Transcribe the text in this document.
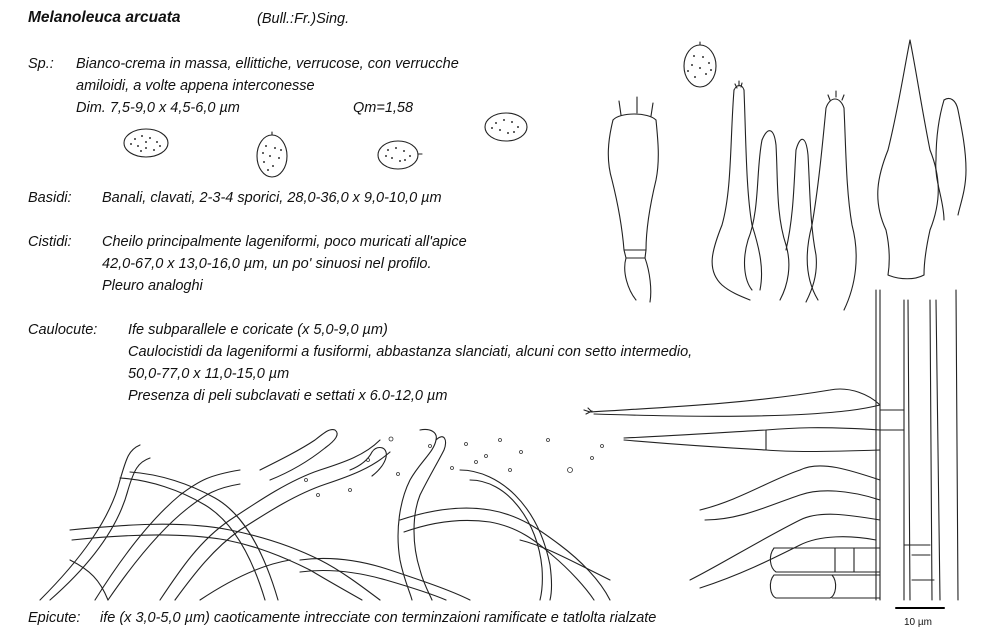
Melanoleuca arcuata	(Bull.:Fr.)Sing.
Sp.: Bianco-crema in massa, ellittiche, verrucose, con verrucche
amiloidi, a volte appena interconesse
Dim. 7,5-9,0 x 4,5-6,0 µm	Qm=1,58
Basidi: Banali, clavati, 2-3-4 sporici, 28,0-36,0 x 9,0-10,0 µm
Cistidi: Cheilo principalmente lageniformi, poco muricati all'apice
42,0-67,0 x 13,0-16,0 µm, un po' sinuosi nel profilo.
Pleuro analoghi
Caulocute: Ife subparallele e coricate (x 5,0-9,0 µm)
Caulocistidi da lageniformi a fusiformi, abbastanza slanciati, alcuni con setto intermedio,
50,0-77,0 x 11,0-15,0 µm
Presenza di peli subclavati e settati x 6.0-12,0 µm
Epicute: ife (x 3,0-5,0 µm) caoticamente intrecciate con terminzaioni ramificate e tatlolta rialzate	10 µm
